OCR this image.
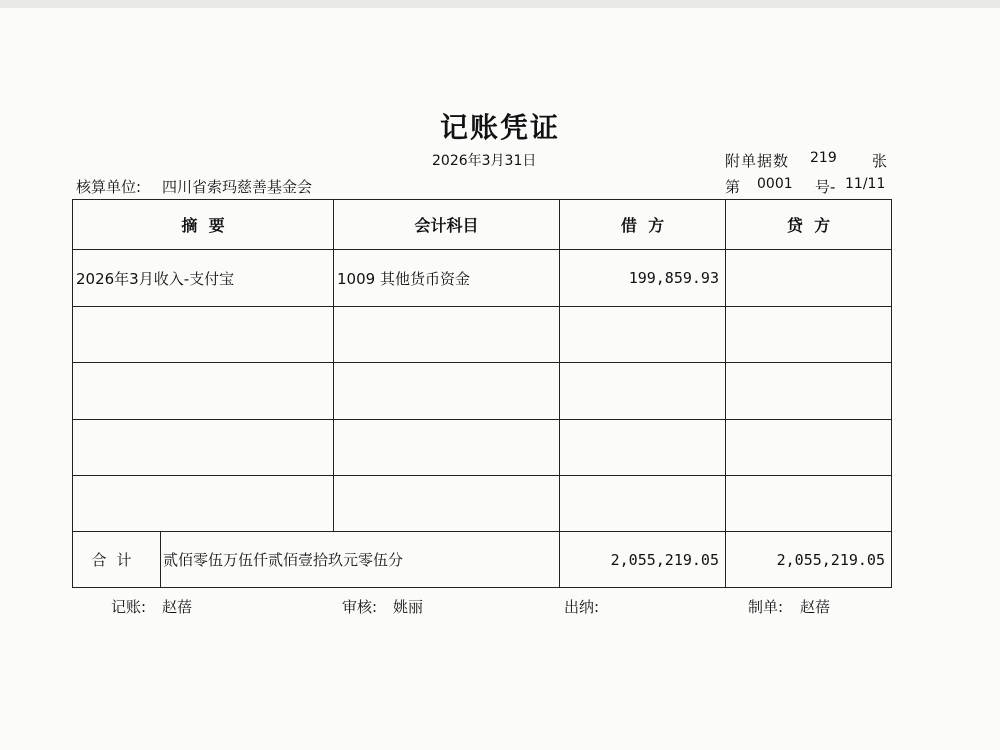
记账凭证
2026年3月31日	附单据数 219 张
核算单位: 四川省索玛慈善基金会	第 0001 号- 11/11
摘  要		会计科目	借  方	贷  方
2026年3月收入-支付宝		1009 其他货币资金	199,859.93	

合计	贰佰零伍万伍仟贰佰壹拾玖元零伍分		2,055,219.05	2,055,219.05
记账: 赵蓓	审核: 姚丽	出纳:	制单: 赵蓓
